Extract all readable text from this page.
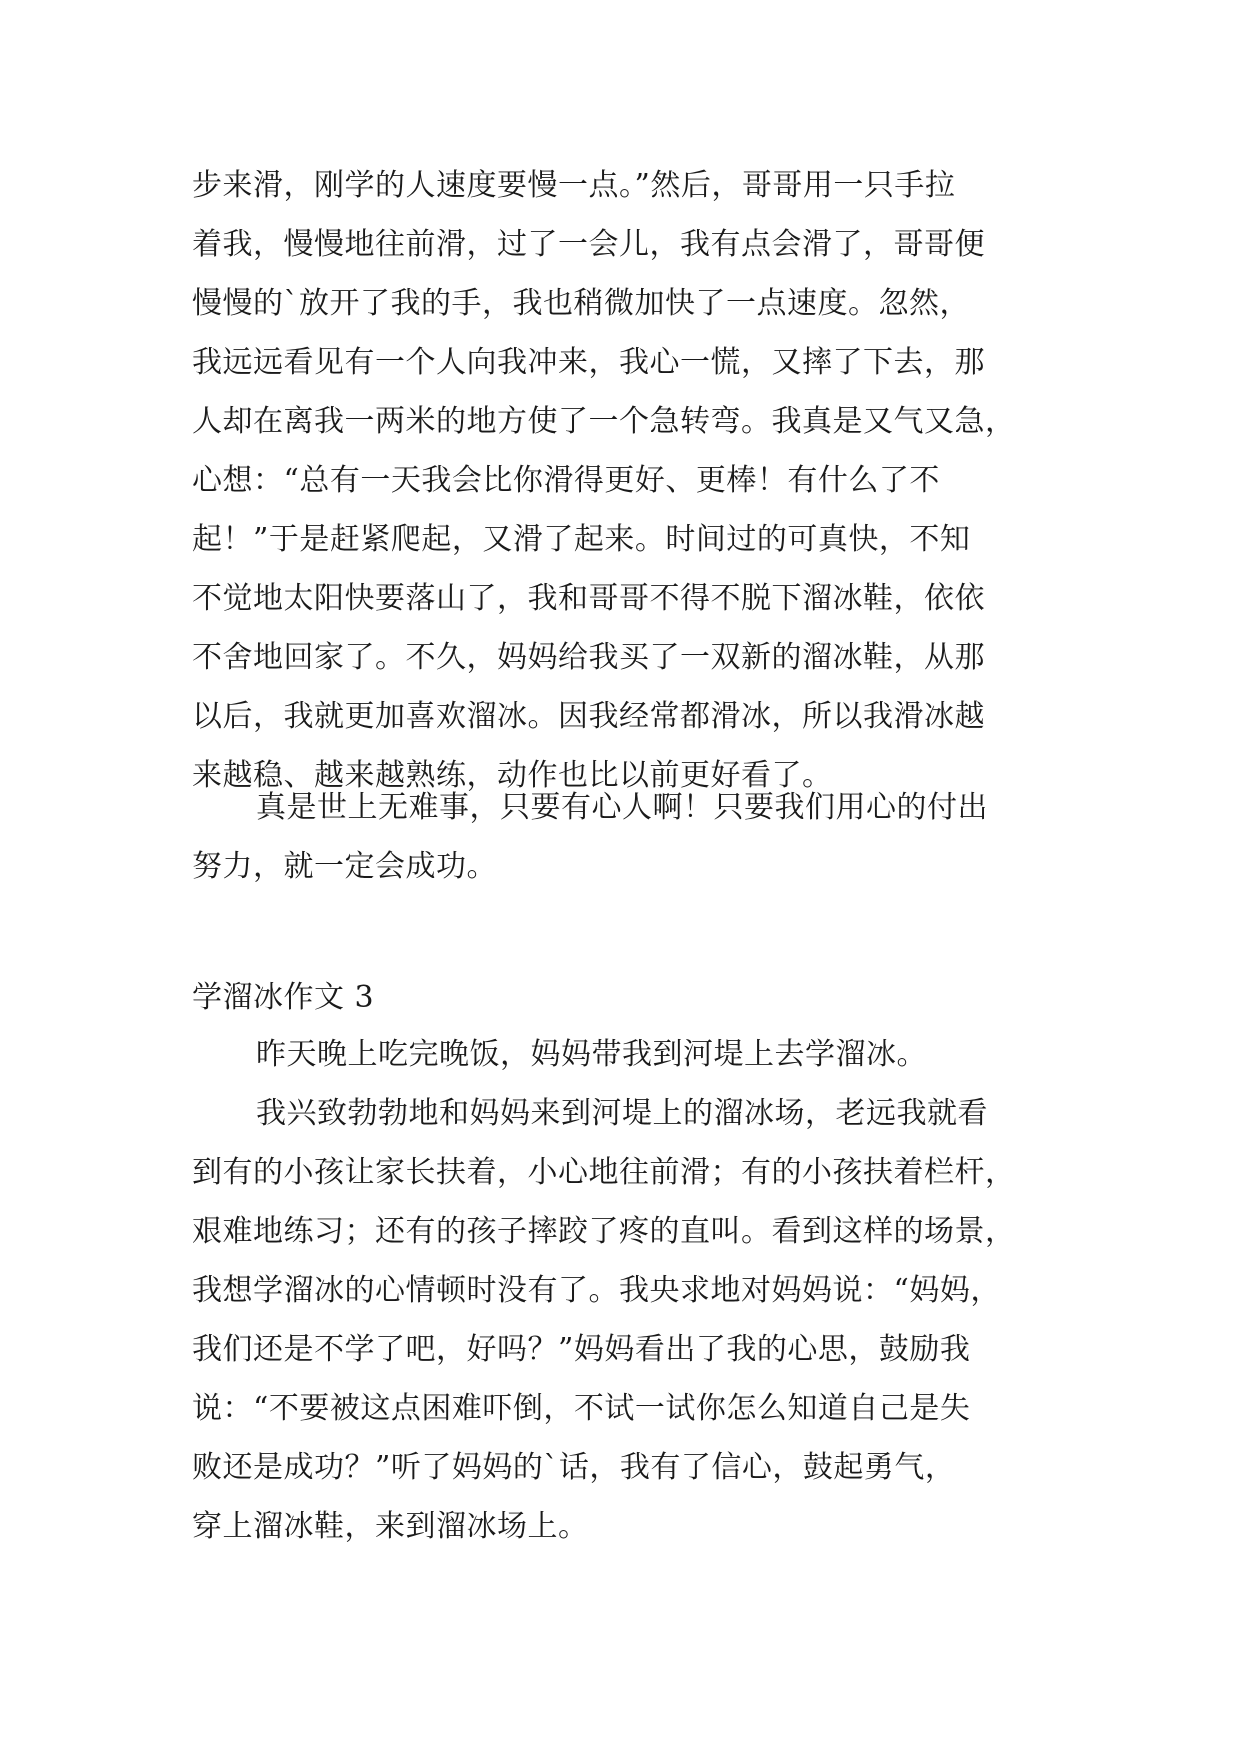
步来滑，刚学的人速度要慢一点。”然后，哥哥用一只手拉
着我，慢慢地往前滑，过了一会儿，我有点会滑了，哥哥便
慢慢的`放开了我的手，我也稍微加快了一点速度。忽然，
我远远看见有一个人向我冲来，我心一慌，又摔了下去，那
人却在离我一两米的地方使了一个急转弯。我真是又气又急，
心想：“总有一天我会比你滑得更好、更棒！有什么了不
起！”于是赶紧爬起，又滑了起来。时间过的可真快，不知
不觉地太阳快要落山了，我和哥哥不得不脱下溜冰鞋，依依
不舍地回家了。不久，妈妈给我买了一双新的溜冰鞋，从那
以后，我就更加喜欢溜冰。因我经常都滑冰，所以我滑冰越
来越稳、越来越熟练，动作也比以前更好看了。
真是世上无难事，只要有心人啊！只要我们用心的付出
努力，就一定会成功。
学溜冰作文 3
昨天晚上吃完晚饭，妈妈带我到河堤上去学溜冰。
我兴致勃勃地和妈妈来到河堤上的溜冰场，老远我就看
到有的小孩让家长扶着，小心地往前滑；有的小孩扶着栏杆，
艰难地练习；还有的孩子摔跤了疼的直叫。看到这样的场景，
我想学溜冰的心情顿时没有了。我央求地对妈妈说：“妈妈，
我们还是不学了吧，好吗？”妈妈看出了我的心思，鼓励我
说：“不要被这点困难吓倒，不试一试你怎么知道自己是失
败还是成功？”听了妈妈的`话，我有了信心，鼓起勇气，
穿上溜冰鞋，来到溜冰场上。
